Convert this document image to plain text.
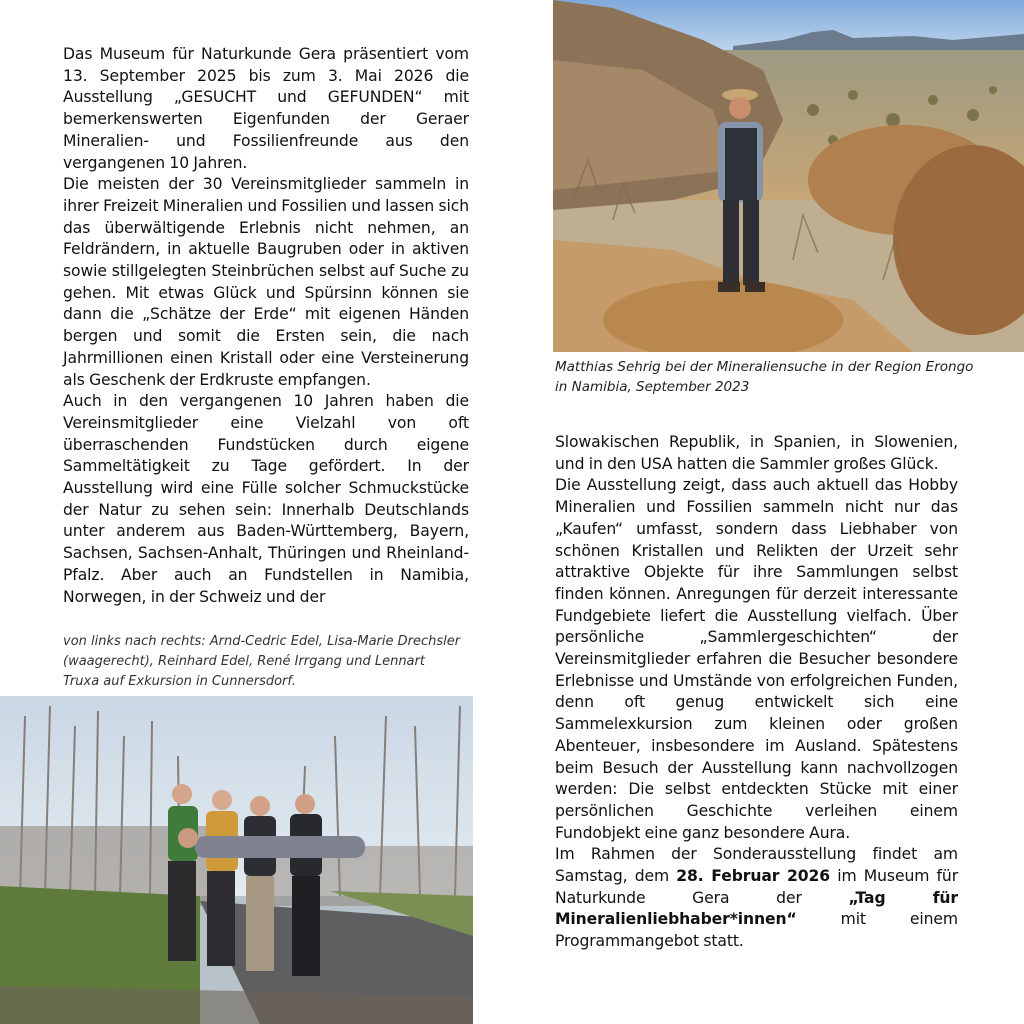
Das Museum für Naturkunde Gera präsentiert vom 13. September 2025 bis zum 3. Mai 2026 die Ausstellung „GESUCHT und GEFUNDEN“ mit bemerkenswerten Eigenfunden der Geraer Mineralien- und Fossilienfreunde aus den vergangenen 10 Jahren.

Die meisten der 30 Vereinsmitglieder sammeln in ihrer Freizeit Mineralien und Fossilien und lassen sich das überwältigende Erlebnis nicht nehmen, an Feldrändern, in aktuelle Baugruben oder in aktiven sowie stillgelegten Steinbrüchen selbst auf Suche zu gehen. Mit etwas Glück und Spürsinn können sie dann die „Schätze der Erde“ mit eigenen Händen bergen und somit die Ersten sein, die nach Jahrmillionen einen Kristall oder eine Versteinerung als Geschenk der Erdkruste empfangen.

Auch in den vergangenen 10 Jahren haben die Vereinsmitglieder eine Vielzahl von oft überraschenden Fundstücken durch eigene Sammeltätigkeit zu Tage gefördert. In der Ausstellung wird eine Fülle solcher Schmuckstücke der Natur zu sehen sein: Innerhalb Deutschlands unter anderem aus Baden-Württemberg, Bayern, Sachsen, Sachsen-Anhalt, Thüringen und Rheinland-Pfalz. Aber auch an Fundstellen in Namibia, Norwegen, in der Schweiz und der

Matthias Sehrig bei der Mineraliensuche in der Region Erongo in Namibia, September 2023

Slowakischen Republik, in Spanien, in Slowenien, und in den USA hatten die Sammler großes Glück.

Die Ausstellung zeigt, dass auch aktuell das Hobby Mineralien und Fossilien sammeln nicht nur das „Kaufen“ umfasst, sondern dass Liebhaber von schönen Kristallen und Relikten der Urzeit sehr attraktive Objekte für ihre Sammlungen selbst finden können. Anregungen für derzeit interessante Fundgebiete liefert die Ausstellung vielfach. Über persönliche „Sammlergeschichten“ der Vereinsmitglieder erfahren die Besucher besondere Erlebnisse und Umstände von erfolgreichen Funden, denn oft genug entwickelt sich eine Sammelexkursion zum kleinen oder großen Abenteuer, insbesondere im Ausland. Spätestens beim Besuch der Ausstellung kann nachvollzogen werden: Die selbst entdeckten Stücke mit einer persönlichen Geschichte verleihen einem Fundobjekt eine ganz besondere Aura.

Im Rahmen der Sonderausstellung findet am Samstag, dem 28. Februar 2026 im Museum für Naturkunde Gera der „Tag für Mineralienliebhaber*innen“ mit einem Programmangebot statt.

von links nach rechts: Arnd-Cedric Edel, Lisa-Marie Drechsler (waagerecht), Reinhard Edel, René Irrgang und Lennart Truxa auf Exkursion in Cunnersdorf.
